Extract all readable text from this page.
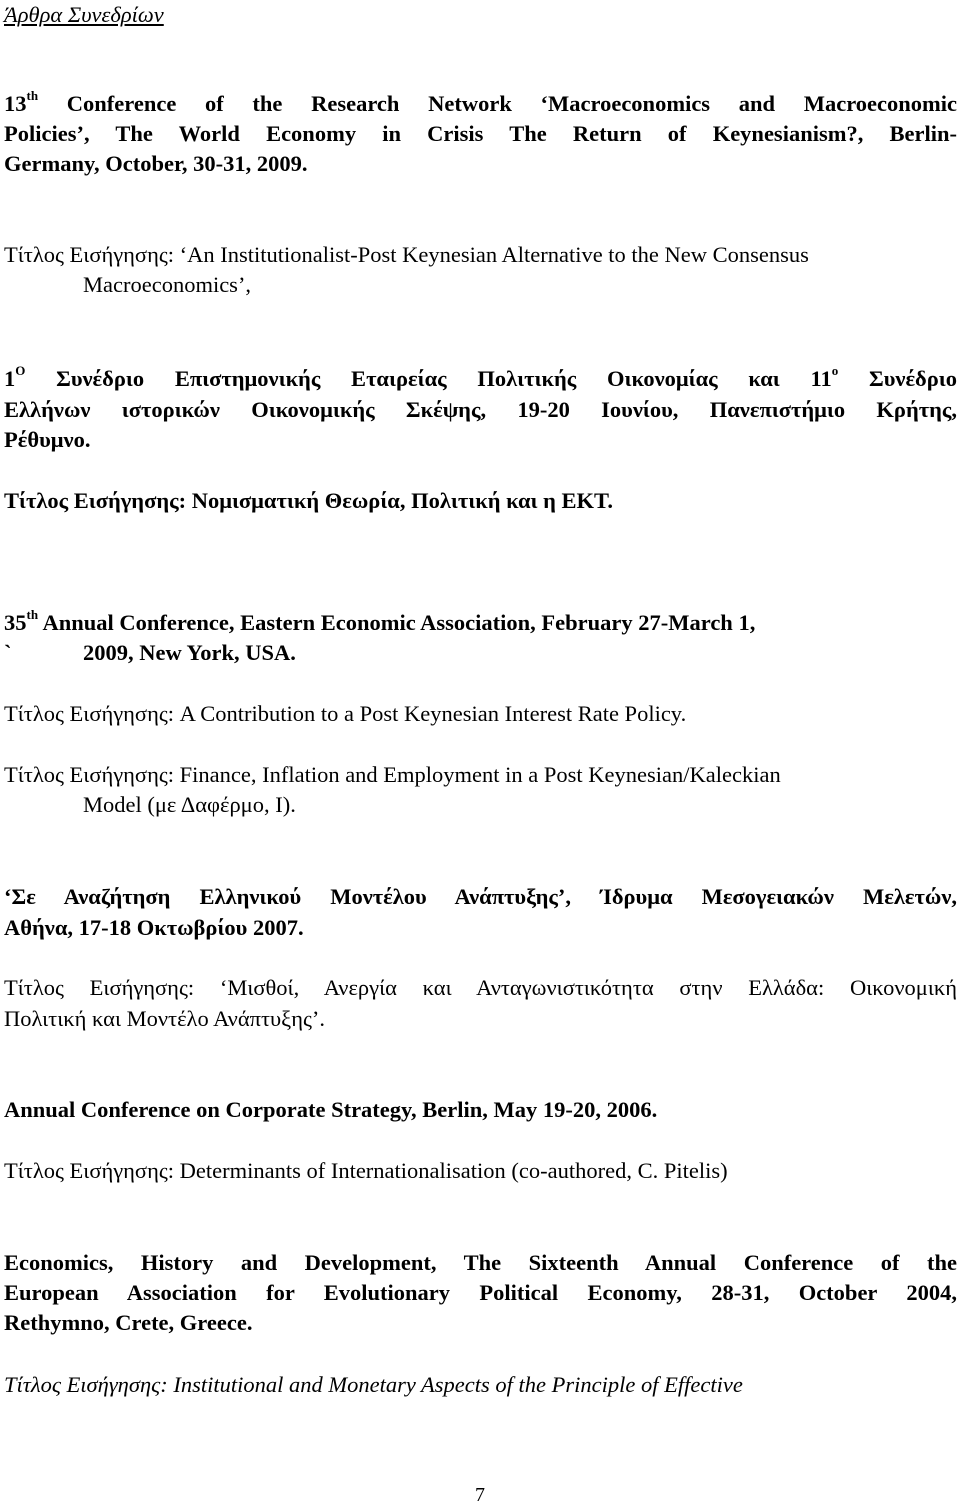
Άρθρα Συνεδρίων
13th Conference of the Research Network ‘Macroeconomics and Macroeconomic
Policies’, The World Economy in Crisis The Return of Keynesianism?, Berlin-
Germany, October, 30-31, 2009.
Τίτλος Εισήγησης: ‘An Institutionalist-Post Keynesian Alternative to the New Consensus
Macroeconomics’,
$1^O$ Συνέδριο Επιστημονικής Εταιρείας Πολιτικής Οικονομίας και $11^o$ Συνέδριο
Ελλήνων ιστορικών Οικονομικής Σκέψης, 19-20 Ιουνίου, Πανεπιστήμιο Κρήτης,
Ρέθυμνο.
Τίτλος Εισήγησης: Νομισματική Θεωρία, Πολιτική και η ΕΚΤ.
35th Annual Conference, Eastern Economic Association, February 27-March 1,
`	2009, New York, USA.
Τίτλος Εισήγησης: A Contribution to a Post Keynesian Interest Rate Policy.
Τίτλος Εισήγησης: Finance, Inflation and Employment in a Post Keynesian/Kaleckian
Model (με Δαφέρμο, Ι).
‘Σε Αναζήτηση Ελληνικού Μοντέλου Ανάπτυξης’, Ίδρυμα Μεσογειακών Μελετών,
Αθήνα, 17-18 Οκτωβρίου 2007.
Τίτλος Εισήγησης: ‘Μισθοί, Ανεργία και Ανταγωνιστικότητα στην Ελλάδα: Οικονομική
Πολιτική και Μοντέλο Ανάπτυξης’.
Annual Conference on Corporate Strategy, Berlin, May 19-20, 2006.
Τίτλος Εισήγησης: Determinants of Internationalisation (co-authored, C. Pitelis)
Economics, History and Development, The Sixteenth Annual Conference of the
European Association for Evolutionary Political Economy, 28-31, October 2004,
Rethymno, Crete, Greece.
Τίτλος Εισήγησης: Institutional and Monetary Aspects of the Principle of Effective
7
